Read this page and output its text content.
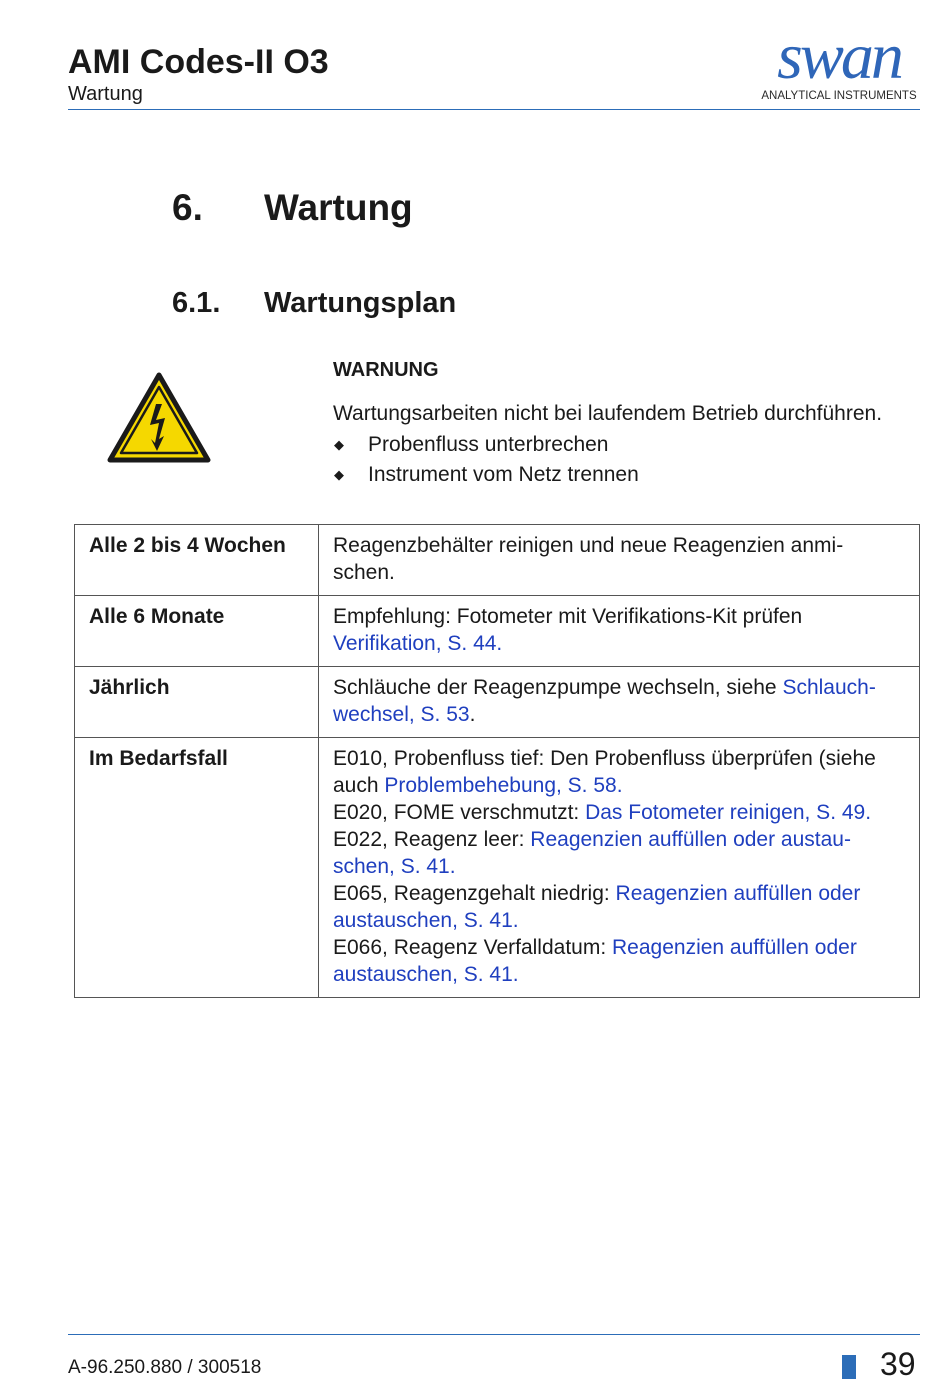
AMI Codes-II O3
Wartung
swan
ANALYTICAL INSTRUMENTS
6. Wartung
6.1. Wartungsplan
WARNUNG
Wartungsarbeiten nicht bei laufendem Betrieb durchführen.
◆ Probenfluss unterbrechen
◆ Instrument vom Netz trennen
Alle 2 bis 4 Wochen	Reagenzbehälter reinigen und neue Reagenzien anmi- schen.
Alle 6 Monate	Empfehlung: Fotometer mit Verifikations-Kit prüfen Verifikation, S. 44.
Jährlich	Schläuche der Reagenzpumpe wechseln, siehe Schlauch-wechsel, S. 53.
Im Bedarfsfall	E010, Probenfluss tief: Den Probenfluss überprüfen (siehe auch Problembehebung, S. 58.
E020, FOME verschmutzt: Das Fotometer reinigen, S. 49.
E022, Reagenz leer: Reagenzien auffüllen oder austau-schen, S. 41.
E065, Reagenzgehalt niedrig: Reagenzien auffüllen oder austauschen, S. 41.
E066, Reagenz Verfalldatum: Reagenzien auffüllen oder austauschen, S. 41.
A-96.250.880 / 300518	39
